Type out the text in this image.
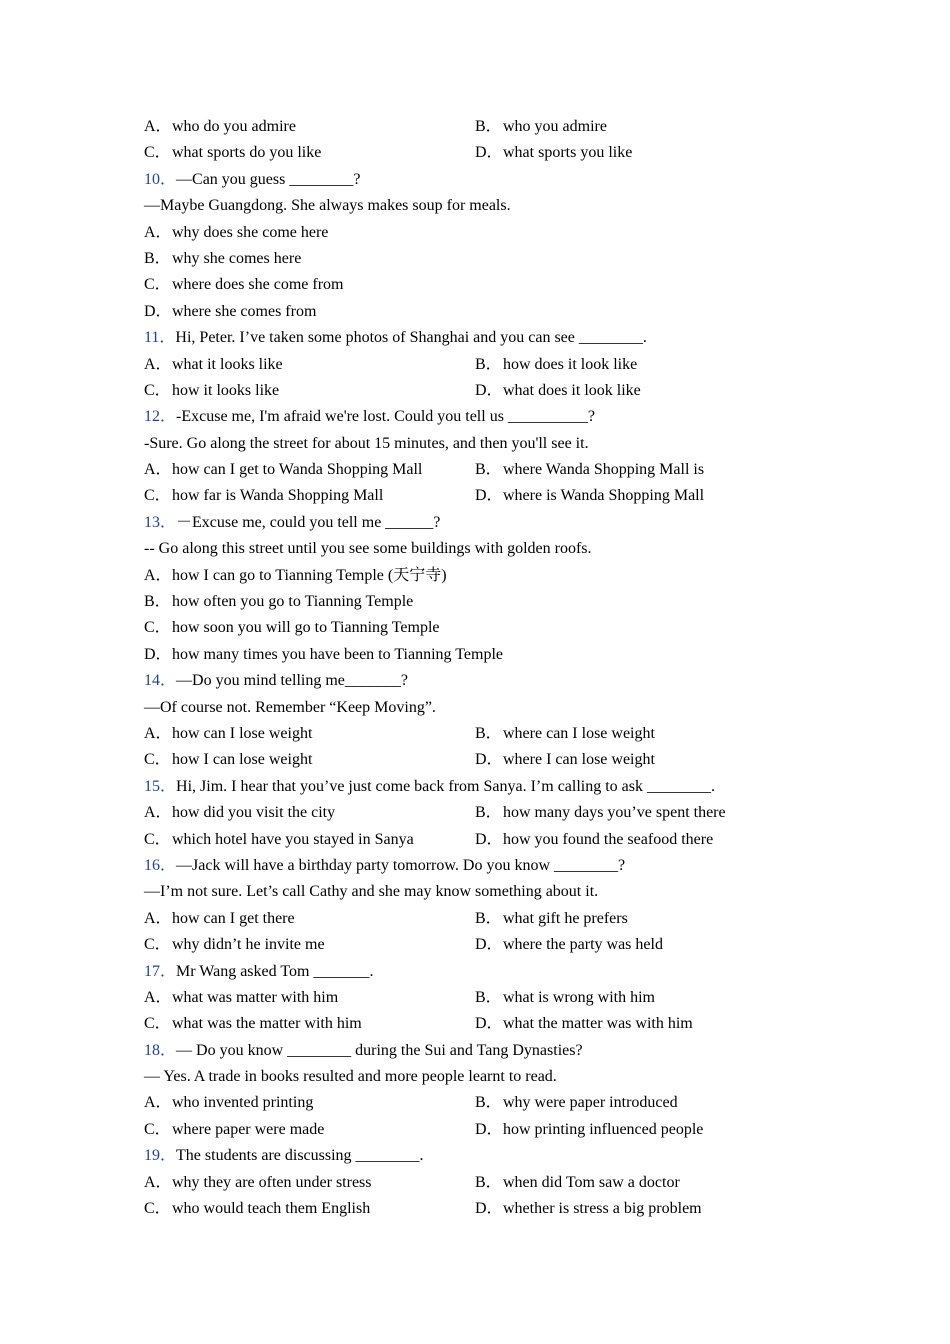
A．who do you admire	B．who you admire
C．what sports do you like	D．what sports you like
10．—Can you guess ________?
—Maybe Guangdong. She always makes soup for meals.
A．why does she come here
B．why she comes here
C．where does she come from
D．where she comes from
11．Hi, Peter. I’ve taken some photos of Shanghai and you can see ________.
A．what it looks like	B．how does it look like
C．how it looks like	D．what does it look like
12．-Excuse me, I'm afraid we're lost. Could you tell us __________?
-Sure. Go along the street for about 15 minutes, and then you'll see it.
A．how can I get to Wanda Shopping Mall	B．where Wanda Shopping Mall is
C．how far is Wanda Shopping Mall	D．where is Wanda Shopping Mall
13．－Excuse me, could you tell me ______?
-- Go along this street until you see some buildings with golden roofs.
A．how I can go to Tianning Temple (天宁寺)
B．how often you go to Tianning Temple
C．how soon you will go to Tianning Temple
D．how many times you have been to Tianning Temple
14．—Do you mind telling me_______?
—Of course not. Remember “Keep Moving”.
A．how can I lose weight	B．where can I lose weight
C．how I can lose weight	D．where I can lose weight
15．Hi, Jim. I hear that you’ve just come back from Sanya. I’m calling to ask ________.
A．how did you visit the city	B．how many days you’ve spent there
C．which hotel have you stayed in Sanya	D．how you found the seafood there
16．—Jack will have a birthday party tomorrow. Do you know ________?
—I’m not sure. Let’s call Cathy and she may know something about it.
A．how can I get there	B．what gift he prefers
C．why didn’t he invite me	D．where the party was held
17．Mr Wang asked Tom _______.
A．what was matter with him	B．what is wrong with him
C．what was the matter with him	D．what the matter was with him
18．— Do you know ________ during the Sui and Tang Dynasties?
— Yes. A trade in books resulted and more people learnt to read.
A．who invented printing	B．why were paper introduced
C．where paper were made	D．how printing influenced people
19．The students are discussing ________.
A．why they are often under stress	B．when did Tom saw a doctor
C．who would teach them English	D．whether is stress a big problem
